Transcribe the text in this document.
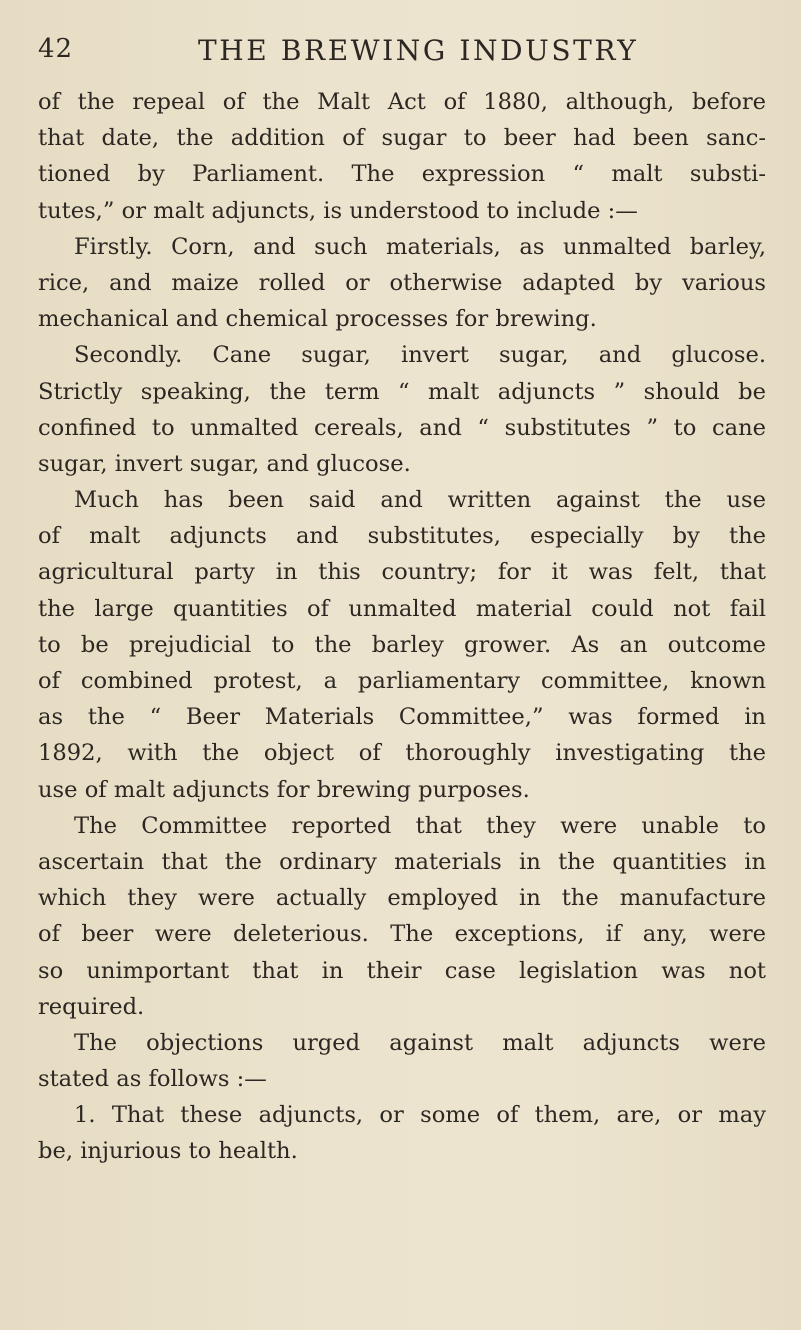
42	THE BREWING INDUSTRY
of the repeal of the Malt Act of 1880, although, before
that date, the addition of sugar to beer had been sanc-
tioned by Parliament. The expression “ malt substi-
tutes,” or malt adjuncts, is understood to include :—
Firstly. Corn, and such materials, as unmalted barley,
rice, and maize rolled or otherwise adapted by various
mechanical and chemical processes for brewing.
Secondly. Cane sugar, invert sugar, and glucose.
Strictly speaking, the term “ malt adjuncts ” should be
confined to unmalted cereals, and “ substitutes ” to cane
sugar, invert sugar, and glucose.
Much has been said and written against the use
of malt adjuncts and substitutes, especially by the
agricultural party in this country; for it was felt, that
the large quantities of unmalted material could not fail
to be prejudicial to the barley grower. As an outcome
of combined protest, a parliamentary committee, known
as the “ Beer Materials Committee,” was formed in
1892, with the object of thoroughly investigating the
use of malt adjuncts for brewing purposes.
The Committee reported that they were unable to
ascertain that the ordinary materials in the quantities in
which they were actually employed in the manufacture
of beer were deleterious. The exceptions, if any, were
so unimportant that in their case legislation was not
required.
The objections urged against malt adjuncts were
stated as follows :—
1. That these adjuncts, or some of them, are, or may
be, injurious to health.
